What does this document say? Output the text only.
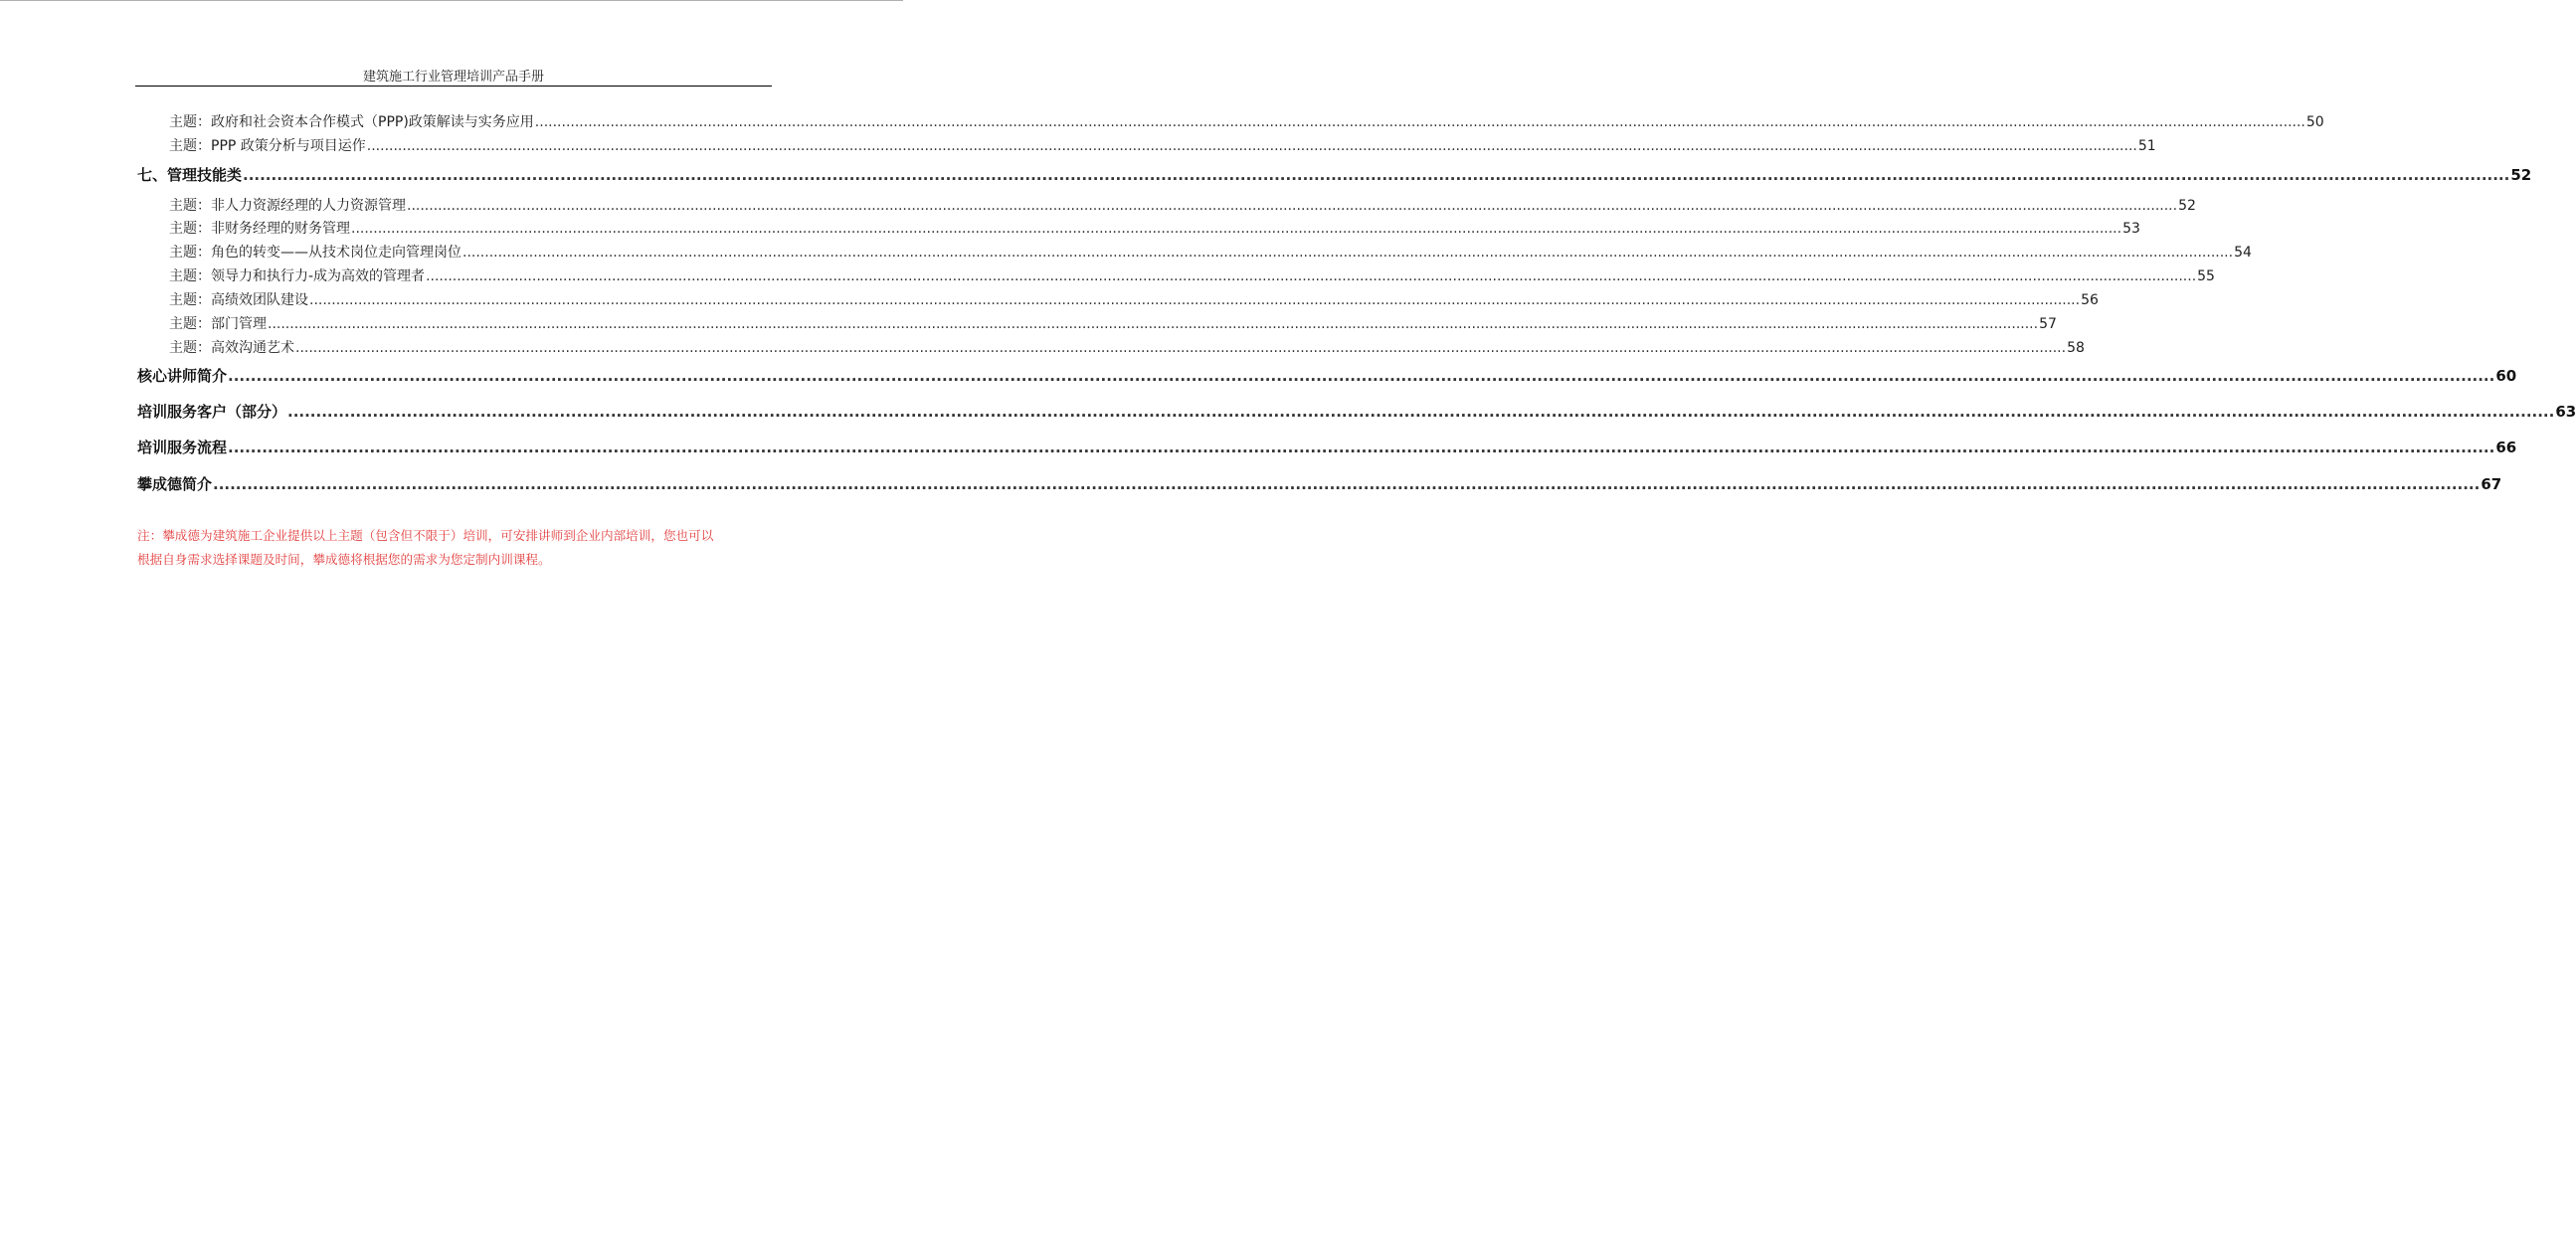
建筑施工行业管理培训产品手册
主题：政府和社会资本合作模式（PPP)政策解读与实务应用 ................................................................................................................................................................................................................................................................................................................................................................................................................ 50
主题：PPP 政策分析与项目运作 ................................................................................................................................................................................................................................................................................................................................................................................................................ 51
七、管理技能类 ................................................................................................................................................................................................................................................................................................................................................................................................................ 52
主题：非人力资源经理的人力资源管理 ................................................................................................................................................................................................................................................................................................................................................................................................................ 52
主题：非财务经理的财务管理 ................................................................................................................................................................................................................................................................................................................................................................................................................ 53
主题：角色的转变——从技术岗位走向管理岗位 ................................................................................................................................................................................................................................................................................................................................................................................................................ 54
主题：领导力和执行力-成为高效的管理者 ................................................................................................................................................................................................................................................................................................................................................................................................................ 55
主题：高绩效团队建设 ................................................................................................................................................................................................................................................................................................................................................................................................................ 56
主题：部门管理 ................................................................................................................................................................................................................................................................................................................................................................................................................ 57
主题：高效沟通艺术 ................................................................................................................................................................................................................................................................................................................................................................................................................ 58
核心讲师简介 ................................................................................................................................................................................................................................................................................................................................................................................................................ 60
培训服务客户（部分） ................................................................................................................................................................................................................................................................................................................................................................................................................ 63
培训服务流程 ................................................................................................................................................................................................................................................................................................................................................................................................................ 66
攀成德简介 ................................................................................................................................................................................................................................................................................................................................................................................................................ 67
注：攀成德为建筑施工企业提供以上主题（包含但不限于）培训，可安排讲师到企业内部培训，您也可以
根据自身需求选择课题及时间，攀成德将根据您的需求为您定制内训课程。
